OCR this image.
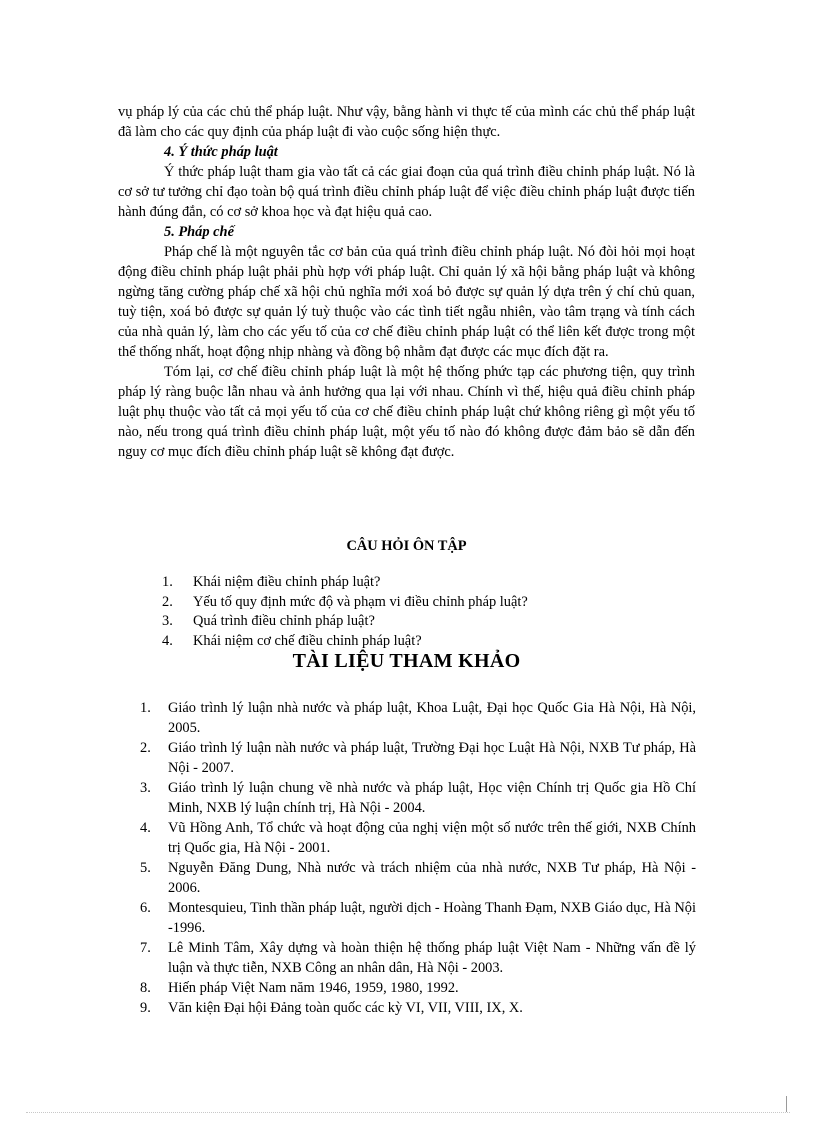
vụ pháp lý của các chủ thể pháp luật. Như vậy, bằng hành vi thực tế của mình các chủ thể pháp luật đã làm cho các quy định của pháp luật đi vào cuộc sống hiện thực.

4. Ý thức pháp luật

Ý thức pháp luật tham gia vào tất cả các giai đoạn của quá trình điều chỉnh pháp luật. Nó là cơ sở tư tưởng chỉ đạo toàn bộ quá trình điều chỉnh pháp luật để việc điều chỉnh pháp luật được tiến hành đúng đắn, có cơ sở khoa học và đạt hiệu quả cao.

5. Pháp chế

Pháp chế là một nguyên tắc cơ bản của quá trình điều chỉnh pháp luật. Nó đòi hỏi mọi hoạt động điều chỉnh pháp luật phải phù hợp với pháp luật. Chỉ quản lý xã hội bằng pháp luật và không ngừng tăng cường pháp chế xã hội chủ nghĩa mới xoá bỏ được sự quản lý dựa trên ý chí chủ quan, tuỳ tiện, xoá bỏ được sự quản lý tuỳ thuộc vào các tình tiết ngẫu nhiên, vào tâm trạng và tính cách của nhà quản lý, làm cho các yếu tố của cơ chế điều chỉnh pháp luật có thể liên kết được trong một thể thống nhất, hoạt động nhịp nhàng và đồng bộ nhằm đạt được các mục đích đặt ra.

Tóm lại, cơ chế điều chỉnh pháp luật là một hệ thống phức tạp các phương tiện, quy trình pháp lý ràng buộc lẫn nhau và ảnh hưởng qua lại với nhau. Chính vì thế, hiệu quả điều chỉnh pháp luật phụ thuộc vào tất cả mọi yếu tố của cơ chế điều chỉnh pháp luật chứ không riêng gì một yếu tố nào, nếu trong quá trình điều chỉnh pháp luật, một yếu tố nào đó không được đảm bảo sẽ dẫn đến nguy cơ mục đích điều chỉnh pháp luật sẽ không đạt được.

CÂU HỎI ÔN TẬP
1.	Khái niệm điều chỉnh pháp luật?
2.	Yếu tố quy định mức độ và phạm vi điều chỉnh pháp luật?
3.	Quá trình điều chỉnh pháp luật?
4.	Khái niệm cơ chế điều chỉnh pháp luật?
TÀI LIỆU THAM KHẢO
1.	Giáo trình lý luận nhà nước và pháp luật, Khoa Luật, Đại học Quốc Gia Hà Nội, Hà Nội, 2005.
2.	Giáo trình lý luận nàh nước và pháp luật, Trường Đại học Luật Hà Nội, NXB Tư pháp, Hà Nội - 2007.
3.	Giáo trình lý luận chung về nhà nước và pháp luật, Học viện Chính trị Quốc gia Hồ Chí Minh, NXB lý luận chính trị, Hà Nội - 2004.
4.	Vũ Hồng Anh, Tổ chức và hoạt động của nghị viện một số nước trên thế giới, NXB Chính trị Quốc gia, Hà Nội - 2001.
5.	Nguyễn Đăng Dung, Nhà nước và trách nhiệm của nhà nước, NXB Tư pháp, Hà Nội - 2006.
6.	Montesquieu, Tinh thần pháp luật, người dịch - Hoàng Thanh Đạm, NXB Giáo dục, Hà Nội -1996.
7.	Lê Minh Tâm, Xây dựng và hoàn thiện hệ thống pháp luật Việt Nam - Những vấn đề lý luận và thực tiễn, NXB Công an nhân dân, Hà Nội - 2003.
8.	Hiến pháp Việt Nam năm 1946, 1959, 1980, 1992.
9.	Văn kiện Đại hội Đảng toàn quốc các kỳ VI, VII, VIII, IX, X.
